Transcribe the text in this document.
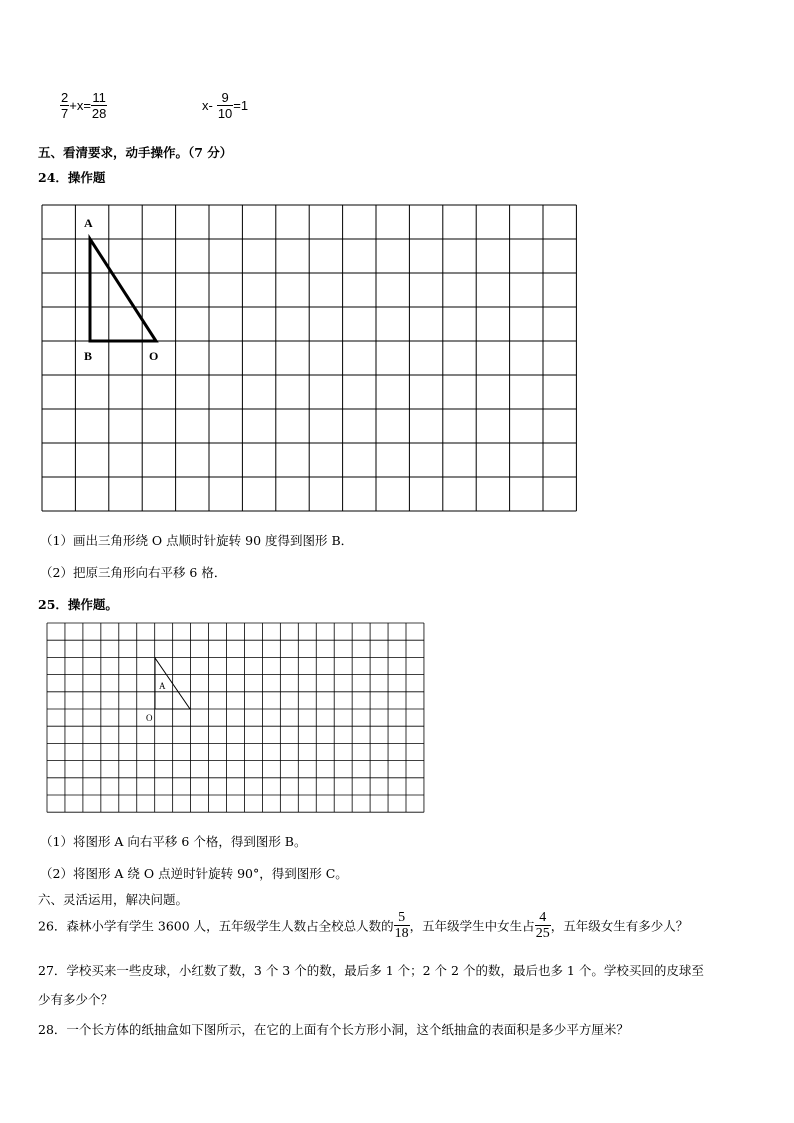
$\frac{2}{7} +x= \frac{11}{28}$	$x- \frac{9}{10} =1$
五、看清要求，动手操作。（7 分）
24．操作题
A
B	O
（1）画出三角形绕 O 点顺时针旋转 90 度得到图形 B．
（2）把原三角形向右平移 6 格．
25．操作题。
A
O
（1）将图形 A 向右平移 6 个格，得到图形 B。
（2）将图形 A 绕 O 点逆时针旋转 90°，得到图形 C。
六、灵活运用，解决问题。
26．森林小学有学生 3600 人，五年级学生人数占全校总人数的 $\frac{5}{18}$ ，五年级学生中女生占 $\frac{4}{25}$ ，五年级女生有多少人？
27．学校买来一些皮球，小红数了数，3 个 3 个的数，最后多 1 个；2 个 2 个的数，最后也多 1 个。学校买回的皮球至
少有多少个？
28．一个长方体的纸抽盒如下图所示，在它的上面有个长方形小洞，这个纸抽盒的表面积是多少平方厘米？
